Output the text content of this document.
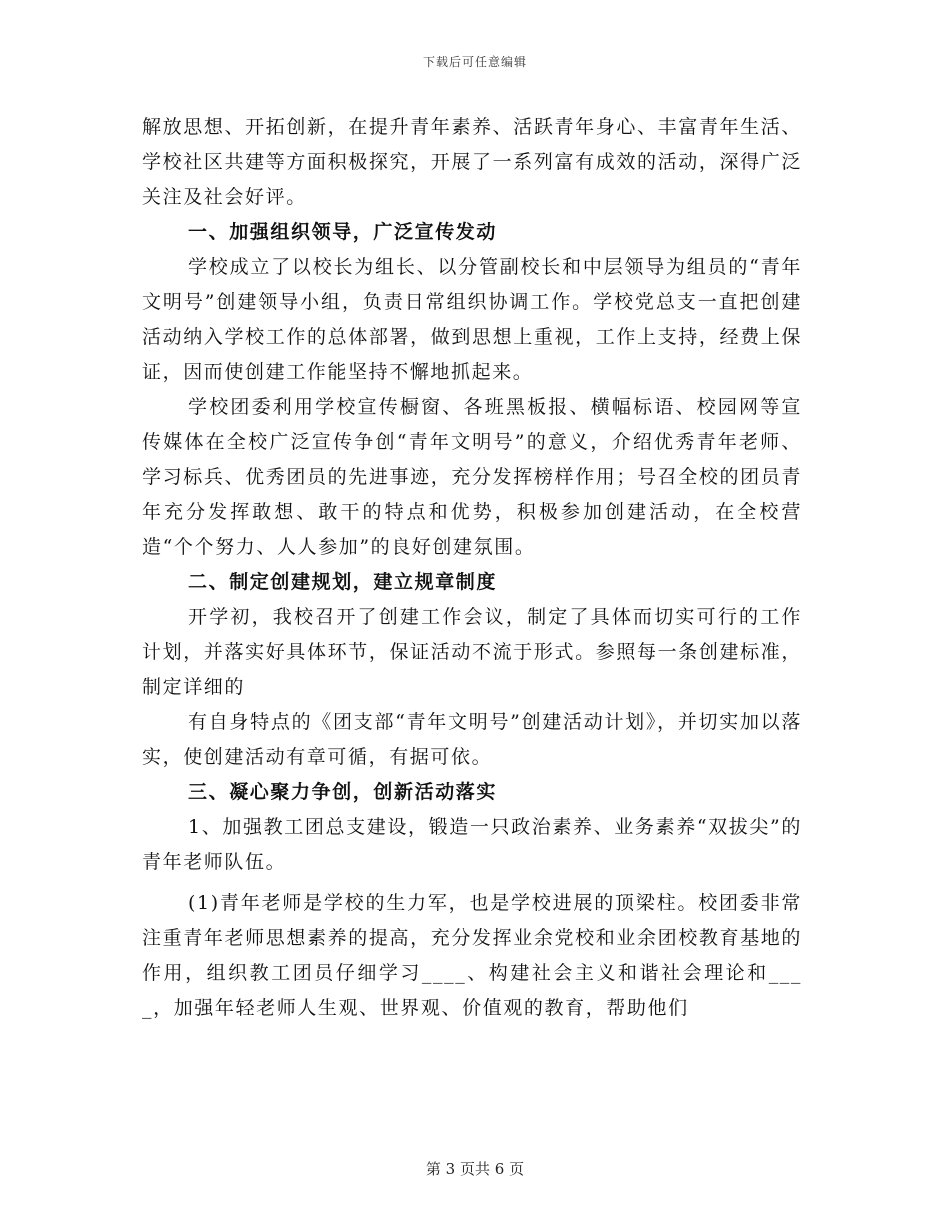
下载后可任意编辑

解放思想、开拓创新，在提升青年素养、活跃青年身心、丰富青年生活、学校社区共建等方面积极探究，开展了一系列富有成效的活动，深得广泛关注及社会好评。

一、加强组织领导，广泛宣传发动

学校成立了以校长为组长、以分管副校长和中层领导为组员的“青年文明号”创建领导小组，负责日常组织协调工作。学校党总支一直把创建活动纳入学校工作的总体部署，做到思想上重视，工作上支持，经费上保证，因而使创建工作能坚持不懈地抓起来。

学校团委利用学校宣传橱窗、各班黑板报、横幅标语、校园网等宣传媒体在全校广泛宣传争创“青年文明号”的意义，介绍优秀青年老师、学习标兵、优秀团员的先进事迹，充分发挥榜样作用；号召全校的团员青年充分发挥敢想、敢干的特点和优势，积极参加创建活动，在全校营造“个个努力、人人参加”的良好创建氛围。

二、制定创建规划，建立规章制度

开学初，我校召开了创建工作会议，制定了具体而切实可行的工作计划，并落实好具体环节，保证活动不流于形式。参照每一条创建标准，制定详细的

有自身特点的《团支部“青年文明号”创建活动计划》，并切实加以落实，使创建活动有章可循，有据可依。

三、凝心聚力争创，创新活动落实

1、加强教工团总支建设，锻造一只政治素养、业务素养“双拔尖”的青年老师队伍。

(1)青年老师是学校的生力军，也是学校进展的顶梁柱。校团委非常注重青年老师思想素养的提高，充分发挥业余党校和业余团校教育基地的作用，组织教工团员仔细学习____、构建社会主义和谐社会理论和____，加强年轻老师人生观、世界观、价值观的教育，帮助他们

第 3 页共 6 页
